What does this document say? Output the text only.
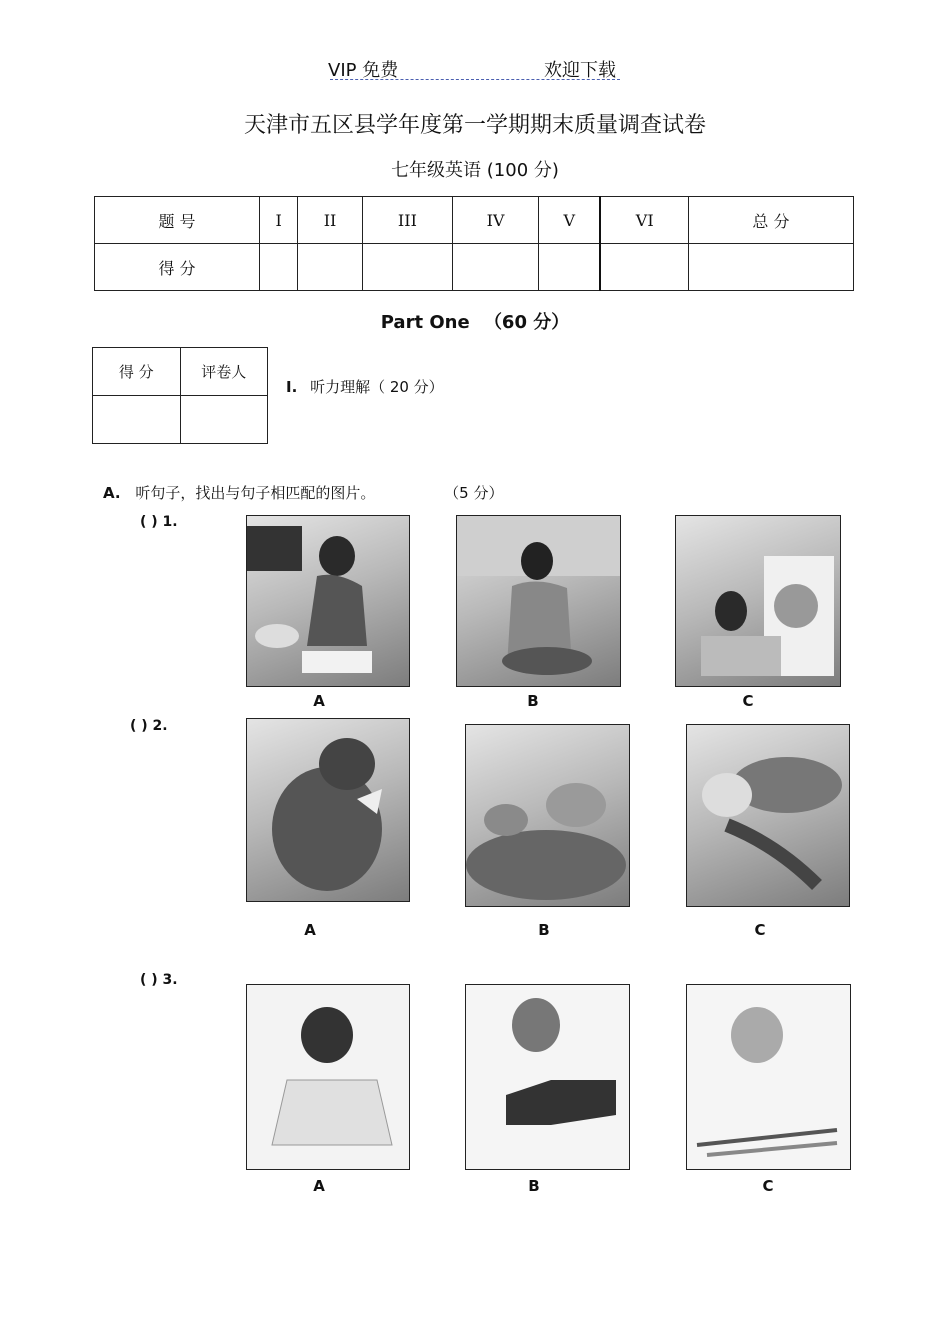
VIP 免费	欢迎下载
天津市五区县学年度第一学期期末质量调查试卷
七年级英语 (100 分)
题 号	I	II	III	IV	V	VI	总 分
得 分							
Part One （60 分）
得 分	评卷人

I. 听力理解（ 20 分）
A. 听句子，找出与句子相匹配的图片。	（5 分）
( ) 1.
A	B	C
( ) 2.
A	B	C
( ) 3.
A	B	C
